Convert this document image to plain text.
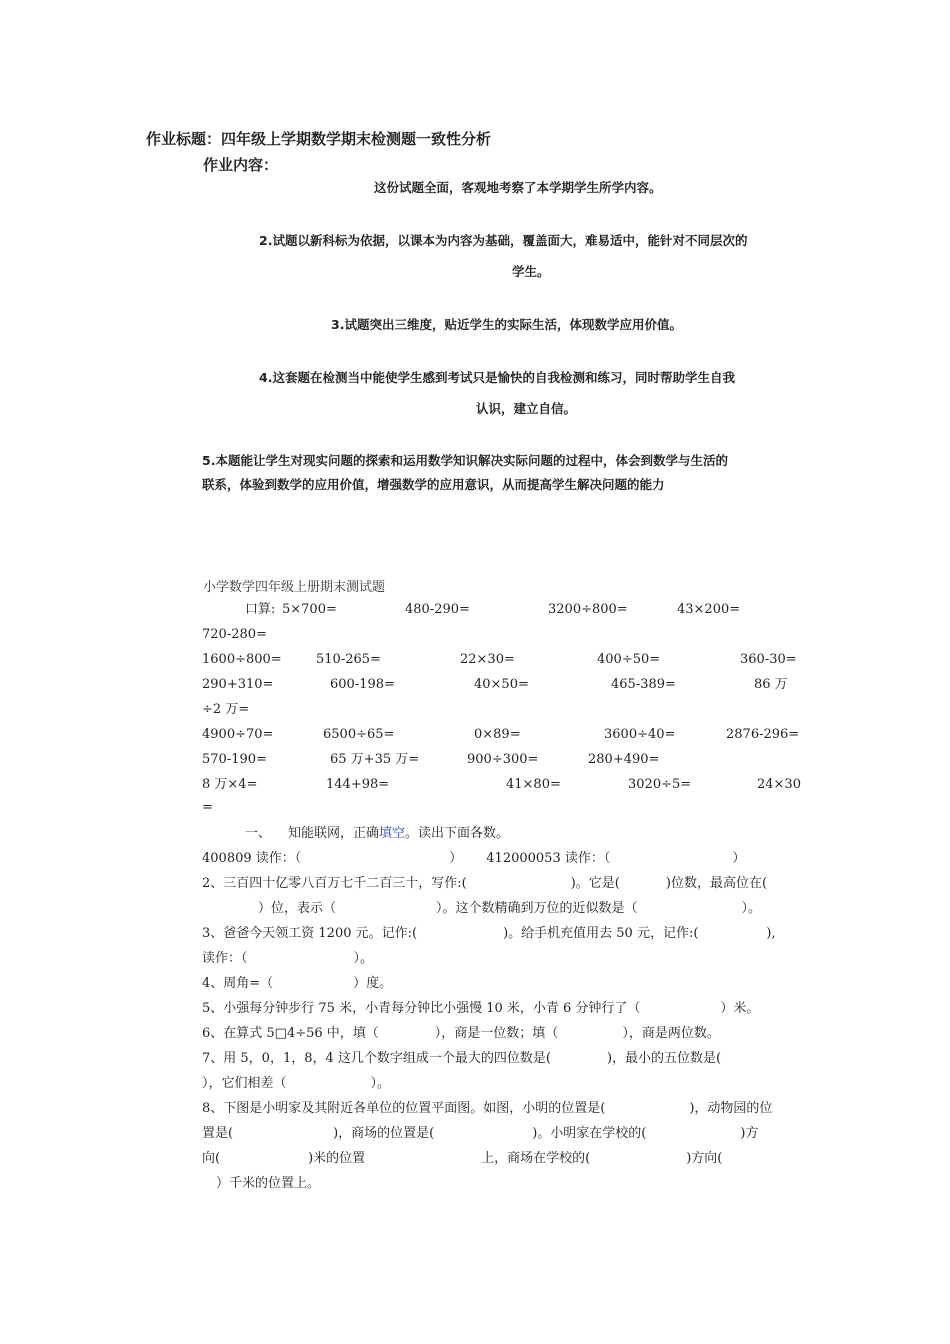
作业标题：四年级上学期数学期末检测题一致性分析
作业内容：
这份试题全面，客观地考察了本学期学生所学内容。
2.试题以新科标为依据，以课本为内容为基础，覆盖面大，难易适中，能针对不同层次的
学生。
3.试题突出三维度，贴近学生的实际生活，体现数学应用价值。
4.这套题在检测当中能使学生感到考试只是愉快的自我检测和练习，同时帮助学生自我
认识，建立自信。
5.本题能让学生对现实问题的探索和运用数学知识解决实际问题的过程中，体会到数学与生活的
联系，体验到数学的应用价值，增强数学的应用意识，从而提高学生解决问题的能力
小学数学四年级上册期末测试题
口算: 5×700=	480-290=	3200÷800=	43×200=
720-280=
1600÷800=	510-265=	22×30=	400÷50=	360-30=
290+310=	600-198=	40×50=	465-389=	86 万
÷2 万=
4900÷70=	6500÷65=	0×89=	3600÷40=	2876-296=
570-190=	65 万+35 万=	900÷300=	280+490=
8 万×4=	144+98=	41×80=	3020÷5=	24×30
=
一、 知能联网，正确填空。读出下面各数。
400809 读作：（	） 412000053 读作：（	）
2、三百四十亿零八百万七千二百三十，写作:(	)。它是(	)位数，最高位在(
）位，表示（	）。这个数精确到万位的近似数是（	）。
3、爸爸今天领工资 1200 元。记作:(	)。给手机充值用去 50 元，记作:(	),
读作：（	）。
4、周角=（	）度。
5、小强每分钟步行 75 米，小青每分钟比小强慢 10 米，小青 6 分钟行了（	）米。
6、在算式 5□4÷56 中，填（	），商是一位数；填（	），商是两位数。
7、用 5，0，1，8，4 这几个数字组成一个最大的四位数是(	)，最小的五位数是(
），它们相差（	）。
8、下图是小明家及其附近各单位的位置平面图。如图，小明的位置是(	)，动物园的位
置是(	)，商场的位置是(	)。小明家在学校的(	)方
向(	)米的位置	上，商场在学校的(	)方向(
）千米的位置上。
